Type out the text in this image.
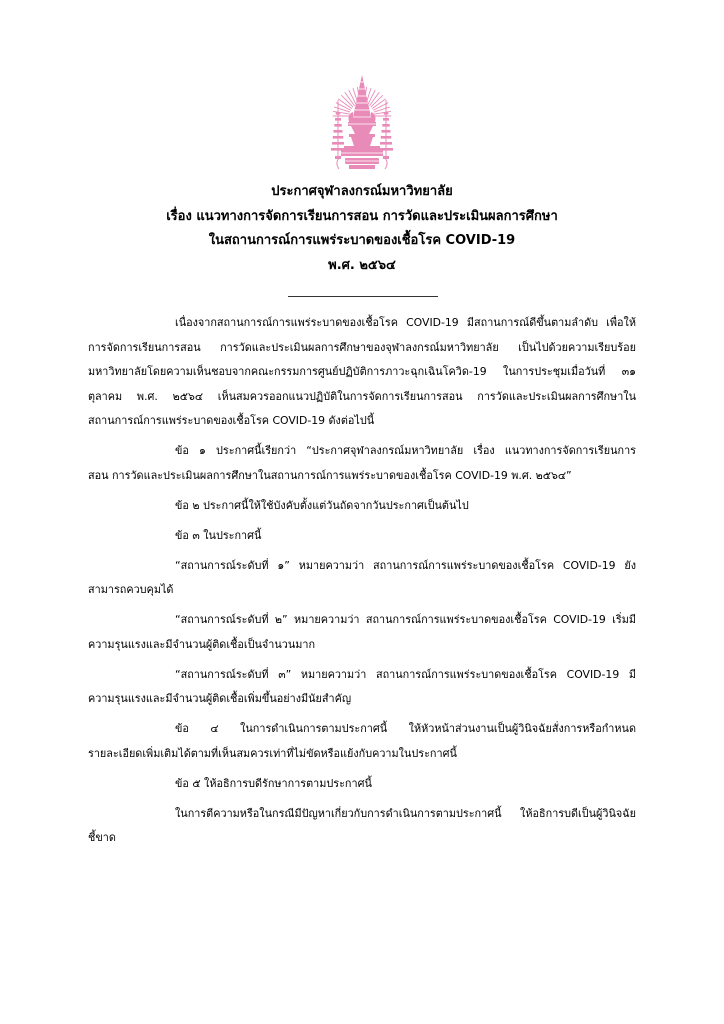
ประกาศจุฬาลงกรณ์มหาวิทยาลัย
เรื่อง แนวทางการจัดการเรียนการสอน การวัดและประเมินผลการศึกษา
ในสถานการณ์การแพร่ระบาดของเชื้อโรค COVID-19
พ.ศ. ๒๕๖๔
เนื่องจากสถานการณ์การแพร่ระบาดของเชื้อโรค COVID-19 มีสถานการณ์ดีขึ้นตามลำดับ เพื่อให้
การจัดการเรียนการสอน การวัดและประเมินผลการศึกษาของจุฬาลงกรณ์มหาวิทยาลัย เป็นไปด้วยความเรียบร้อย
มหาวิทยาลัยโดยความเห็นชอบจากคณะกรรมการศูนย์ปฏิบัติการภาวะฉุกเฉินโควิด-19 ในการประชุมเมื่อวันที่ ๓๑
ตุลาคม พ.ศ. ๒๕๖๔ เห็นสมควรออกแนวปฏิบัติในการจัดการเรียนการสอน การวัดและประเมินผลการศึกษาใน
สถานการณ์การแพร่ระบาดของเชื้อโรค COVID-19 ดังต่อไปนี้
ข้อ ๑ ประกาศนี้เรียกว่า “ประกาศจุฬาลงกรณ์มหาวิทยาลัย เรื่อง แนวทางการจัดการเรียนการ
สอน การวัดและประเมินผลการศึกษาในสถานการณ์การแพร่ระบาดของเชื้อโรค COVID-19 พ.ศ. ๒๕๖๔”
ข้อ ๒ ประกาศนี้ให้ใช้บังคับตั้งแต่วันถัดจากวันประกาศเป็นต้นไป
ข้อ ๓ ในประกาศนี้
“สถานการณ์ระดับที่ ๑” หมายความว่า สถานการณ์การแพร่ระบาดของเชื้อโรค COVID-19 ยัง
สามารถควบคุมได้
“สถานการณ์ระดับที่ ๒” หมายความว่า สถานการณ์การแพร่ระบาดของเชื้อโรค COVID-19 เริ่มมี
ความรุนแรงและมีจำนวนผู้ติดเชื้อเป็นจำนวนมาก
“สถานการณ์ระดับที่ ๓” หมายความว่า สถานการณ์การแพร่ระบาดของเชื้อโรค COVID-19 มี
ความรุนแรงและมีจำนวนผู้ติดเชื้อเพิ่มขึ้นอย่างมีนัยสำคัญ
ข้อ ๔ ในการดำเนินการตามประกาศนี้ ให้หัวหน้าส่วนงานเป็นผู้วินิจฉัยสั่งการหรือกำหนด
รายละเอียดเพิ่มเติมได้ตามที่เห็นสมควรเท่าที่ไม่ขัดหรือแย้งกับความในประกาศนี้
ข้อ ๕ ให้อธิการบดีรักษาการตามประกาศนี้
ในการตีความหรือในกรณีมีปัญหาเกี่ยวกับการดำเนินการตามประกาศนี้ ให้อธิการบดีเป็นผู้วินิจฉัย
ชี้ขาด
